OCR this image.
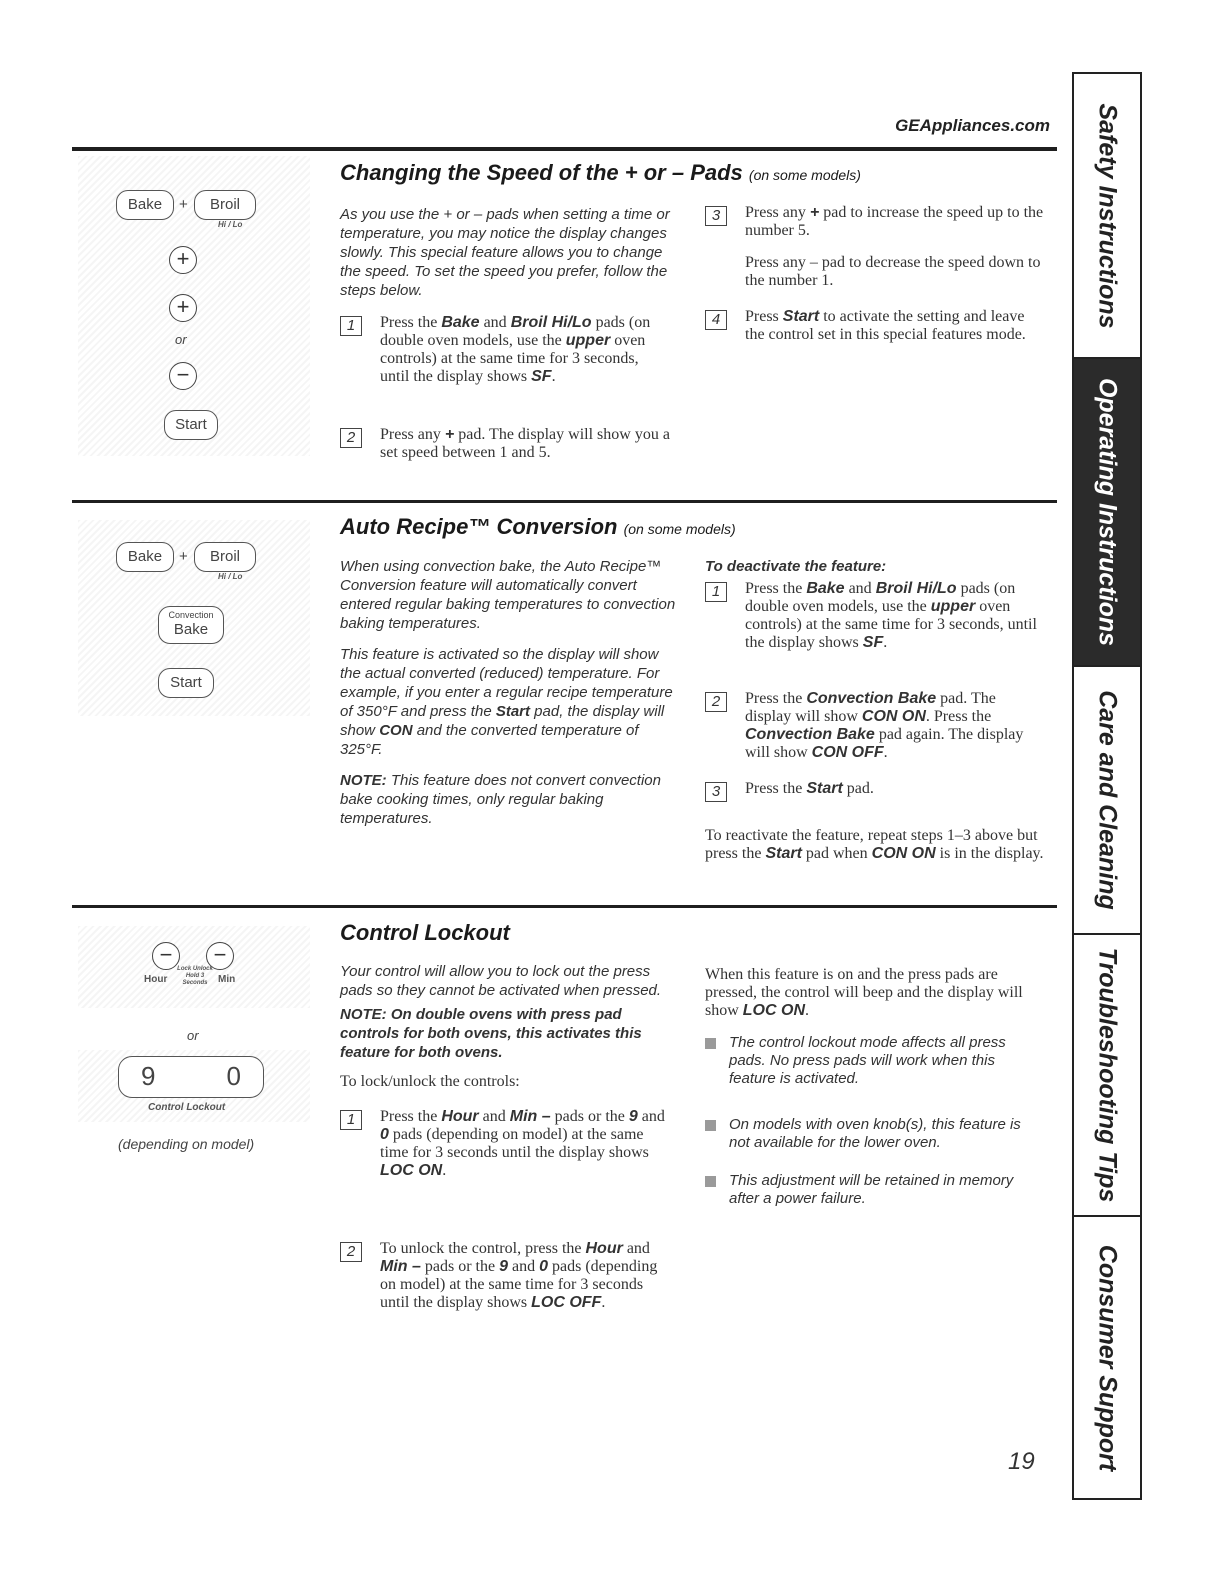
GEAppliances.com
Bake	+	Broil
Hi / Lo
+
+
or
−
Start
Bake	+	Broil
Hi / Lo
Convection
Bake
Start
−	−
Hour
Lock Unlock Hold 3 Seconds	Min
or
9	0
Control Lockout
(depending on model)
Changing the Speed of the + or – Pads (on some models)
As you use the + or – pads when setting a time or temperature, you may notice the display changes slowly. This special feature allows you to change the speed. To set the speed you prefer, follow the steps below.
1	Press the Bake and Broil Hi/Lo pads (on double oven models, use the upper oven controls) at the same time for 3 seconds, until the display shows SF.
2	Press any + pad. The display will show you a set speed between 1 and 5.
3	Press any + pad to increase the speed up to the number 5.
Press any – pad to decrease the speed down to the number 1.
4	Press Start to activate the setting and leave the control set in this special features mode.
Auto Recipe™ Conversion (on some models)

When using convection bake, the Auto Recipe™ Conversion feature will automatically convert entered regular baking temperatures to convection baking temperatures.

This feature is activated so the display will show the actual converted (reduced) temperature. For example, if you enter a regular recipe temperature of 350°F and press the Start pad, the display will show CON and the converted temperature of 325°F.

NOTE: This feature does not convert convection bake cooking times, only regular baking temperatures.

To deactivate the feature:
1	Press the Bake and Broil Hi/Lo pads (on double oven models, use the upper oven controls) at the same time for 3 seconds, until the display shows SF.
2	Press the Convection Bake pad. The display will show CON ON. Press the Convection Bake pad again. The display will show CON OFF.
3	Press the Start pad.
To reactivate the feature, repeat steps 1–3 above but press the Start pad when CON ON is in the display.
Control Lockout
Your control will allow you to lock out the press pads so they cannot be activated when pressed.
NOTE: On double ovens with press pad controls for both ovens, this activates this feature for both ovens.
To lock/unlock the controls:
1	Press the Hour and Min – pads or the 9 and 0 pads (depending on model) at the same time for 3 seconds until the display shows LOC ON.
2	To unlock the control, press the Hour and Min – pads or the 9 and 0 pads (depending on model) at the same time for 3 seconds until the display shows LOC OFF.
When this feature is on and the press pads are pressed, the control will beep and the display will show LOC ON.
The control lockout mode affects all press pads. No press pads will work when this feature is activated.
On models with oven knob(s), this feature is not available for the lower oven.
This adjustment will be retained in memory after a power failure.
Safety Instructions
Operating Instructions
Care and Cleaning
Troubleshooting Tips
Consumer Support
19
